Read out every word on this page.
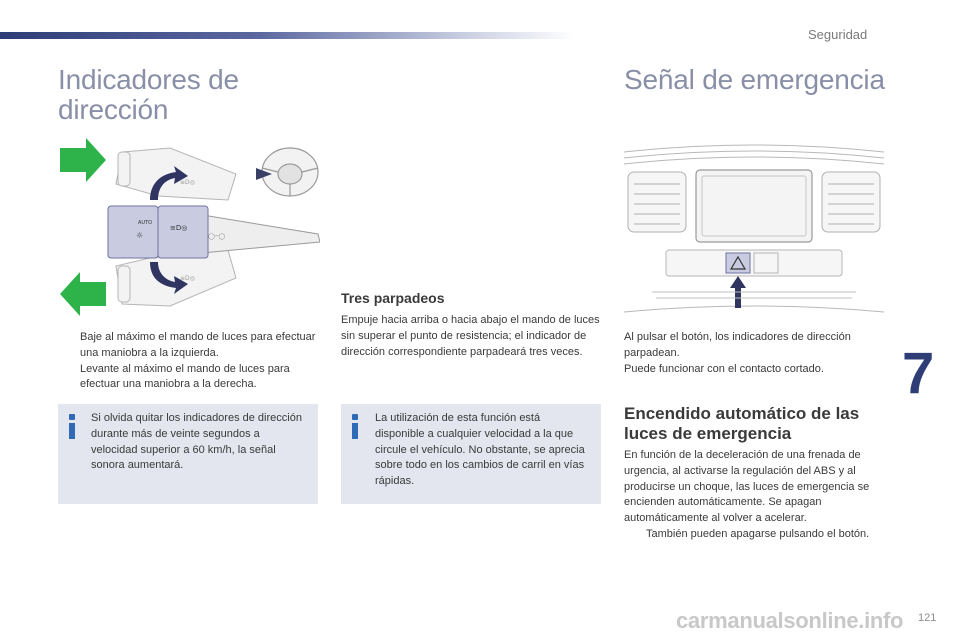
Seguridad
Indicadores de dirección
≡D◎
≡D◎
AUTO
≡D◎
☼	◯─◯
Baje al máximo el mando de luces para efectuar una maniobra a la izquierda.
Levante al máximo el mando de luces para efectuar una maniobra a la derecha.
Si olvida quitar los indicadores de dirección durante más de veinte segundos a velocidad superior a 60 km/h, la señal sonora aumentará.
Tres parpadeos

Empuje hacia arriba o hacia abajo el mando de luces sin superar el punto de resistencia; el indicador de dirección correspondiente parpadeará tres veces.

La utilización de esta función está disponible a cualquier velocidad a la que circule el vehículo. No obstante, se aprecia sobre todo en los cambios de carril en vías rápidas.
Señal de emergencia
Al pulsar el botón, los indicadores de dirección parpadean.
Puede funcionar con el contacto cortado.
Encendido automático de las luces de emergencia
En función de la deceleración de una frenada de urgencia, al activarse la regulación del ABS y al producirse un choque, las luces de emergencia se encienden automáticamente. Se apagan automáticamente al volver a acelerar.
También pueden apagarse pulsando el botón.
7
carmanualsonline.info 121
